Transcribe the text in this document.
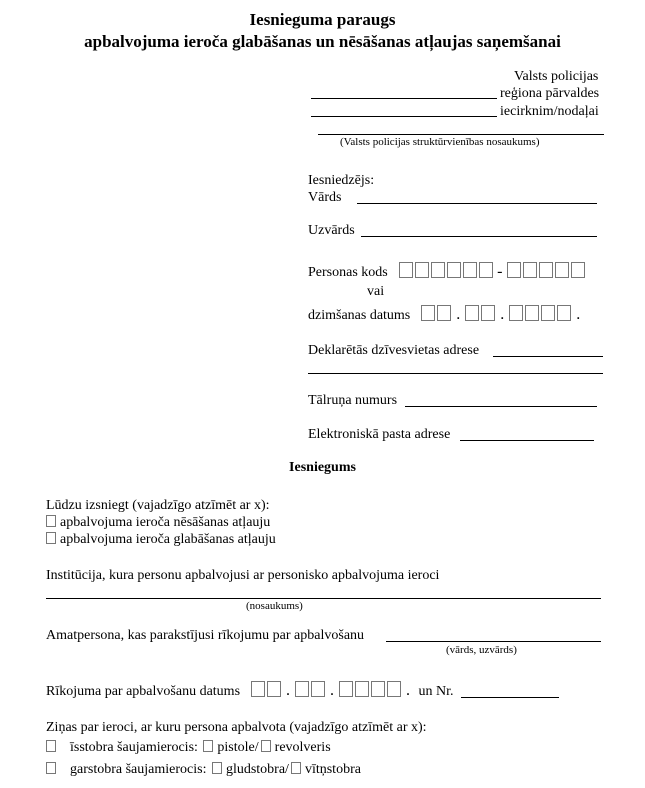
Iesnieguma paraugs
apbalvojuma ieroča glabāšanas un nēsāšanas atļaujas saņemšanai
Valsts policijas
reģiona pārvaldes
iecirknim/nodaļai
(Valsts policijas struktūrvienības nosaukums)
Iesniedzējs:
Vārds
Uzvārds
Personas kods	-
vai
dzimšanas datums	.	.	.
Deklarētās dzīvesvietas adrese
Tālruņa numurs
Elektroniskā pasta adrese
Iesniegums
Lūdzu izsniegt (vajadzīgo atzīmēt ar x):
apbalvojuma ieroča nēsāšanas atļauju
apbalvojuma ieroča glabāšanas atļauju
Institūcija, kura personu apbalvojusi ar personisko apbalvojuma ieroci
(nosaukums)
Amatpersona, kas parakstījusi rīkojumu par apbalvošanu
(vārds, uzvārds)
Rīkojuma par apbalvošanu datums	.	.	. un Nr.
Ziņas par ieroci, ar kuru persona apbalvota (vajadzīgo atzīmēt ar x):
īsstobra šaujamierocis: pistole/ revolveris
garstobra šaujamierocis: gludstobra/ vītņstobra
